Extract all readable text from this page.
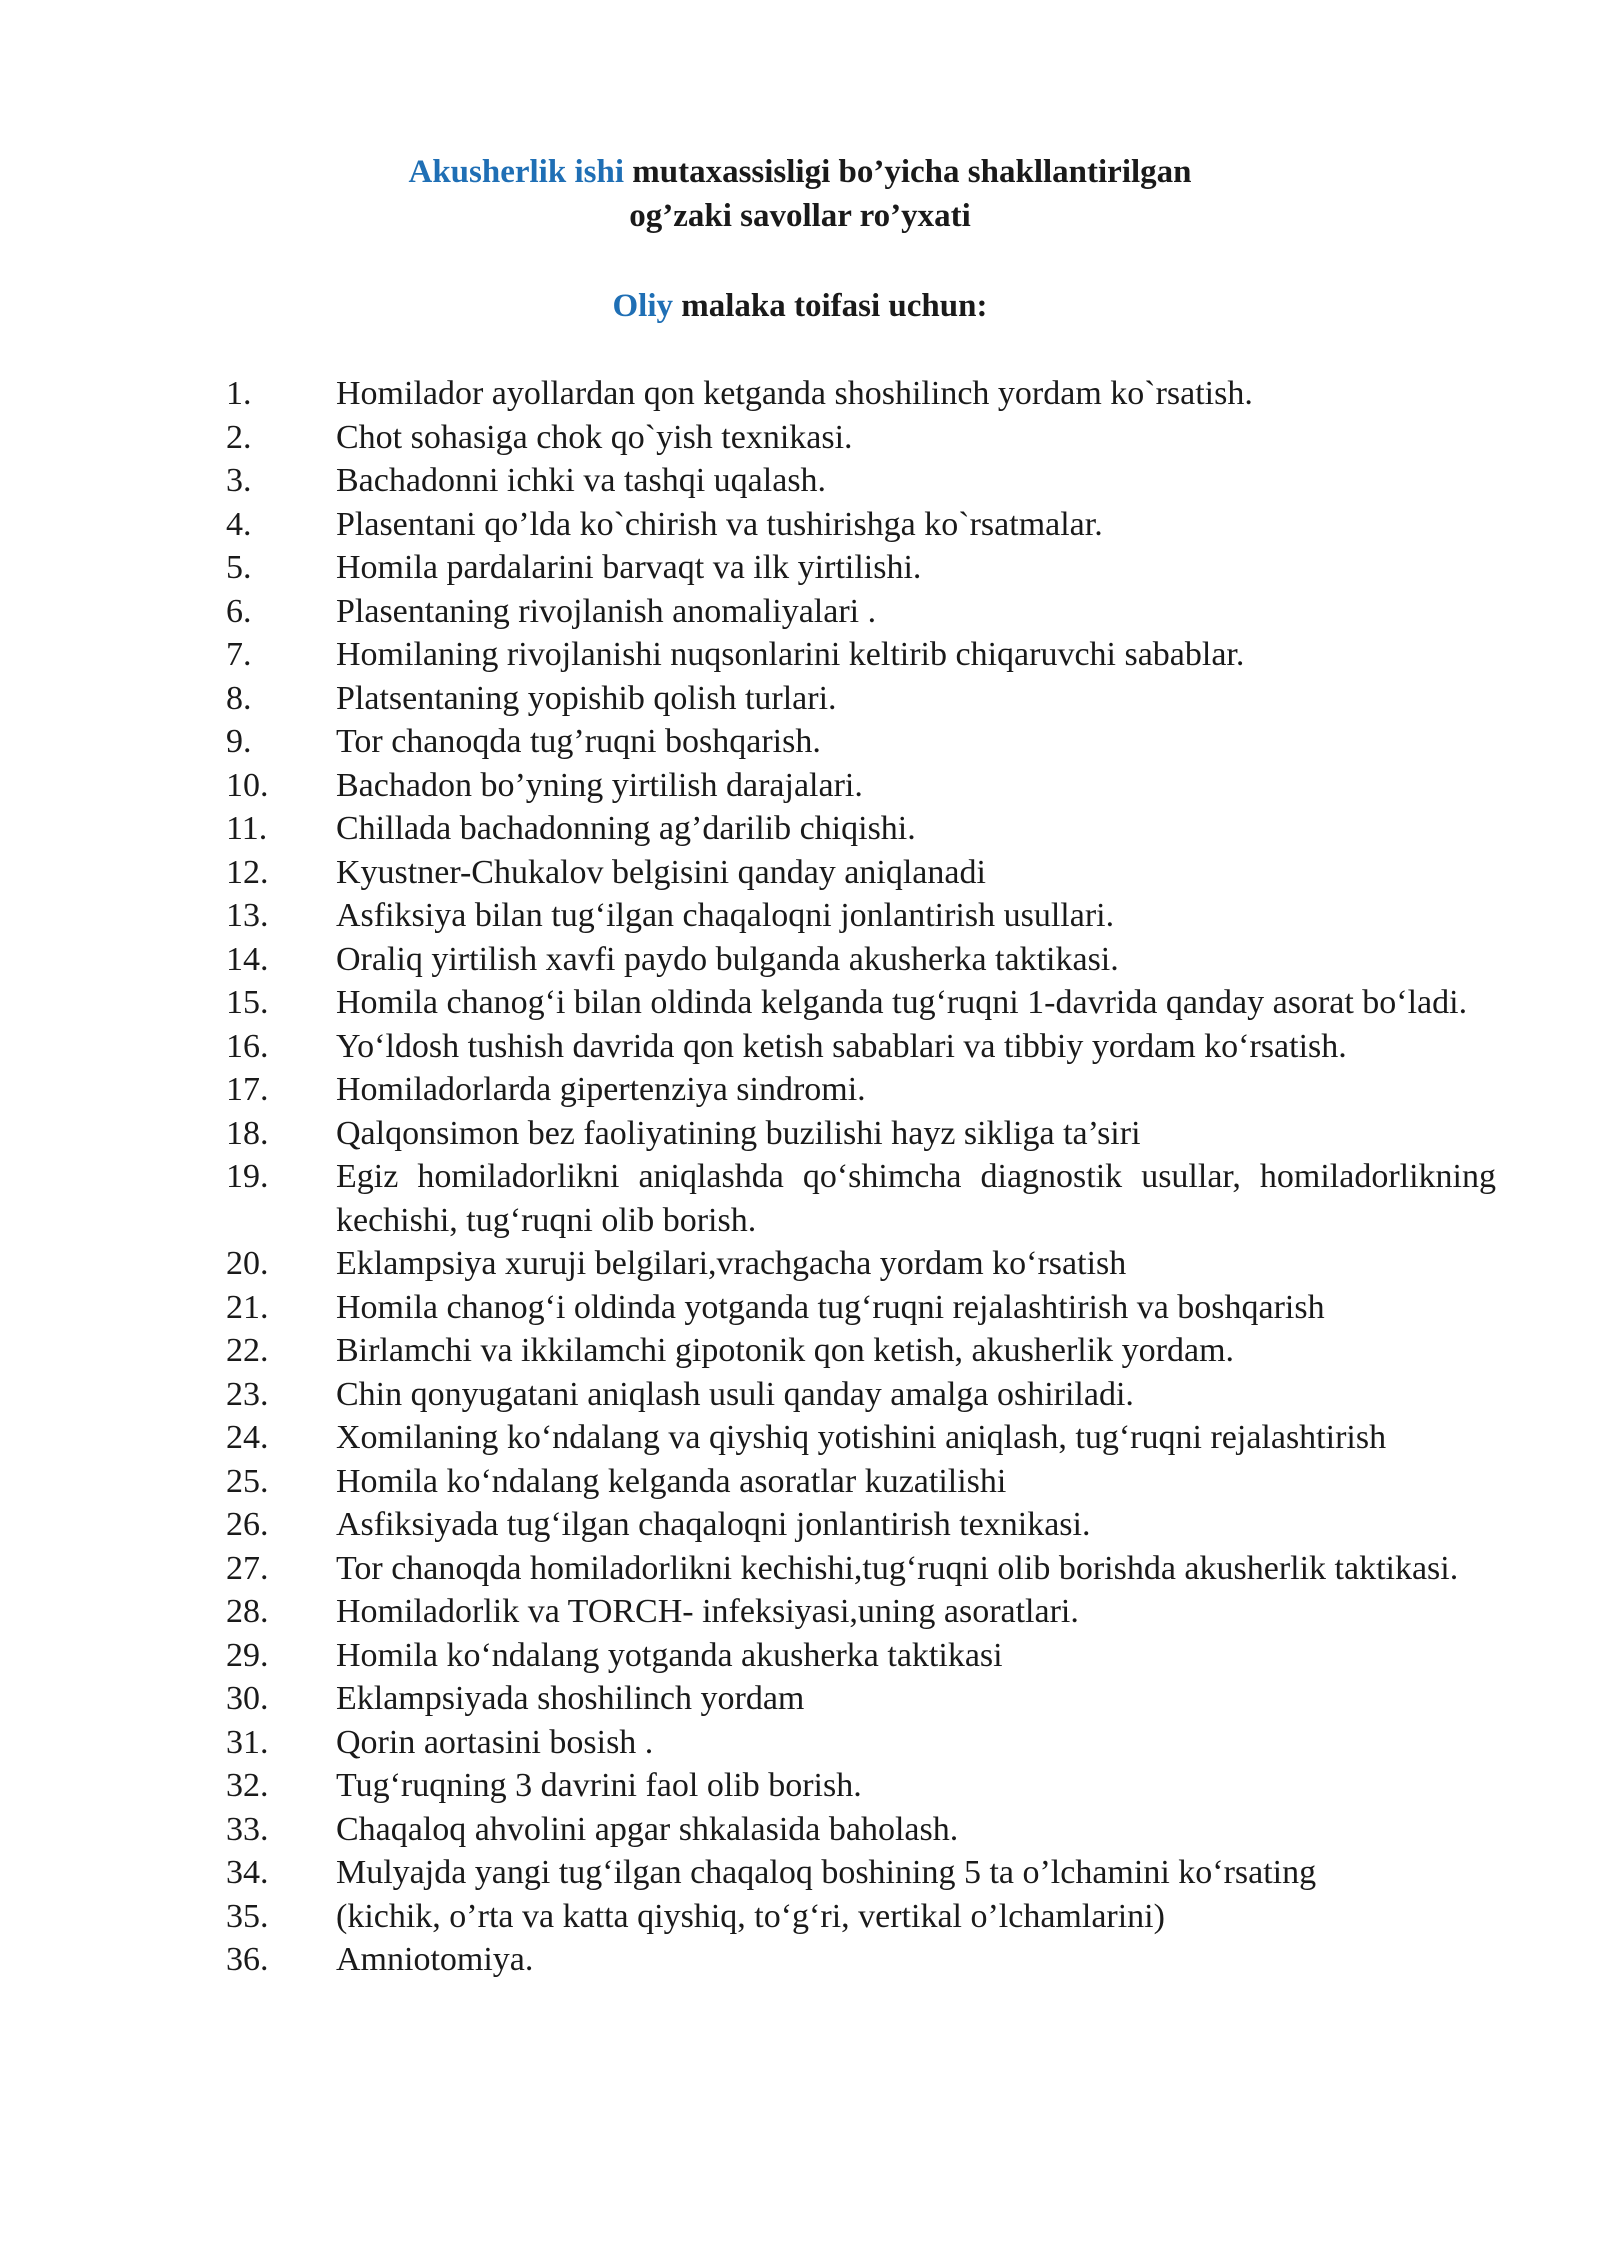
Akusherlik ishi mutaxassisligi bo’yicha shakllantirilgan
og’zaki savollar ro’yxati
Oliy malaka toifasi uchun:
1.	Homilador ayollardan qon ketganda shoshilinch yordam ko`rsatish.
2.	Chot sohasiga chok qo`yish texnikasi.
3.	Bachadonni ichki va tashqi uqalash.
4.	Plasentani qo’lda ko`chirish va tushirishga ko`rsatmalar.
5.	Homila pardalarini barvaqt va ilk yirtilishi.
6.	Plasentaning rivojlanish anomaliyalari .
7.	Homilaning rivojlanishi nuqsonlarini keltirib chiqaruvchi sabablar.
8.	Platsentaning yopishib qolish turlari.
9.	Tor chanoqda tug’ruqni boshqarish.
10.	Bachadon bo’yning yirtilish darajalari.
11.	Chillada bachadonning ag’darilib chiqishi.
12.	Kyustner-Chukalov belgisini qanday aniqlanadi
13.	Asfiksiya bilan tug‘ilgan chaqaloqni jonlantirish usullari.
14.	Oraliq yirtilish xavfi paydo bulganda akusherka taktikasi.
15.	Homila chanog‘i bilan oldinda kelganda tug‘ruqni 1-davrida qanday asorat bo‘ladi.
16.	Yo‘ldosh tushish davrida qon ketish sabablari va tibbiy yordam ko‘rsatish.
17.	Homiladorlarda gipertenziya sindromi.
18.	Qalqonsimon bez faoliyatining buzilishi hayz sikliga ta’siri
19.	Egiz homiladorlikni aniqlashda qo‘shimcha diagnostik usullar, homiladorlikning kechishi, tug‘ruqni olib borish.
20.	Eklampsiya xuruji belgilari,vrachgacha yordam ko‘rsatish
21.	Homila chanog‘i oldinda yotganda tug‘ruqni rejalashtirish va boshqarish
22.	Birlamchi va ikkilamchi gipotonik qon ketish, akusherlik yordam.
23.	Chin qonyugatani aniqlash usuli qanday amalga oshiriladi.
24.	Xomilaning ko‘ndalang va qiyshiq yotishini aniqlash, tug‘ruqni rejalashtirish
25.	Homila ko‘ndalang kelganda asoratlar kuzatilishi
26.	Asfiksiyada tug‘ilgan chaqaloqni jonlantirish texnikasi.
27.	Tor chanoqda homiladorlikni kechishi,tug‘ruqni olib borishda akusherlik taktikasi.
28.	Homiladorlik va TORCH- infeksiyasi,uning asoratlari.
29.	Homila ko‘ndalang yotganda akusherka taktikasi
30.	Eklampsiyada shoshilinch yordam
31.	Qorin aortasini bosish .
32.	Tug‘ruqning 3 davrini faol olib borish.
33.	Chaqaloq ahvolini apgar shkalasida baholash.
34.	Mulyajda yangi tug‘ilgan chaqaloq boshining 5 ta o’lchamini ko‘rsating
35.	(kichik, o’rta va katta qiyshiq, to‘g‘ri, vertikal o’lchamlarini)
36.	Amniotomiya.
